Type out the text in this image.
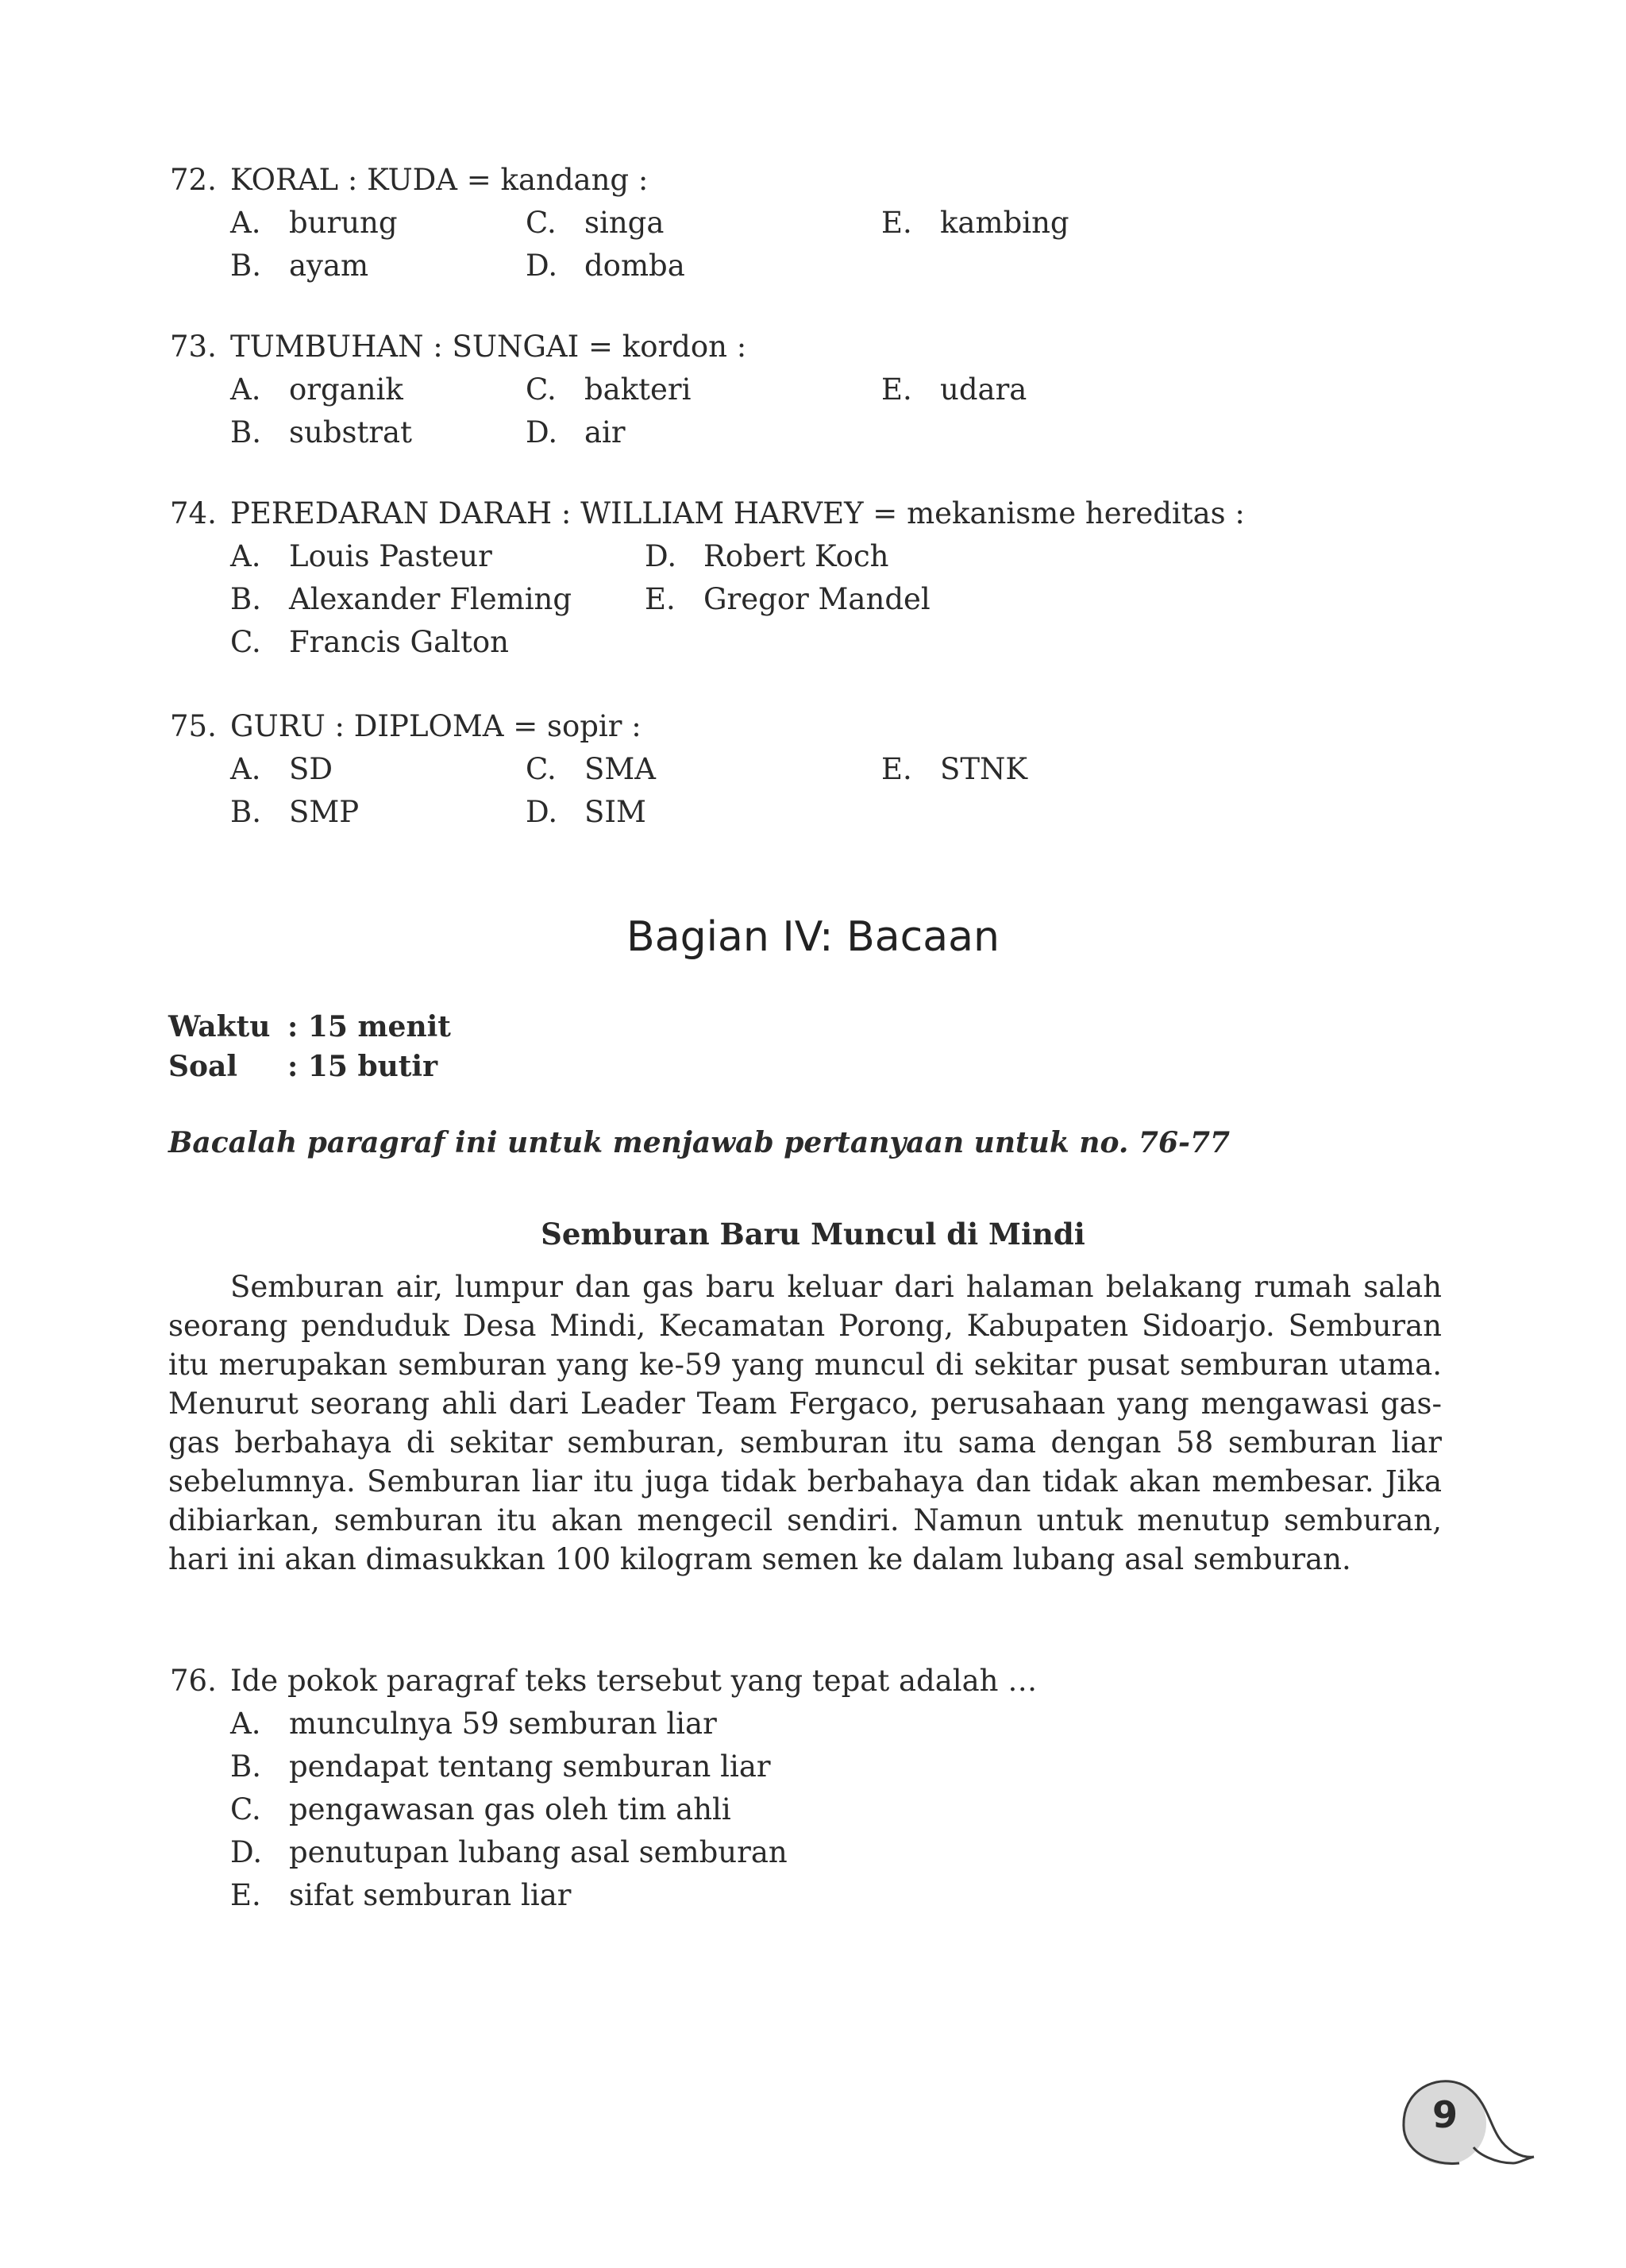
72. KORAL : KUDA = kandang :
A. burung
B. ayam
C. singa
D. domba
E. kambing
73. TUMBUHAN : SUNGAI = kordon :
A. organik
B. substrat
C. bakteri
D. air
E. udara
74. PEREDARAN DARAH : WILLIAM HARVEY = mekanisme hereditas :
A. Louis Pasteur
B. Alexander Fleming
C. Francis Galton
D. Robert Koch
E. Gregor Mandel
75. GURU : DIPLOMA = sopir :
A. SD
B. SMP
C. SMA
D. SIM
E. STNK
Bagian IV: Bacaan
Waktu : 15 menit
Soal : 15 butir
Bacalah paragraf ini untuk menjawab pertanyaan untuk no. 76-77
Semburan Baru Muncul di Mindi

Semburan air, lumpur dan gas baru keluar dari halaman belakang rumah salah seorang penduduk Desa Mindi, Kecamatan Porong, Kabupaten Sidoarjo. Semburan itu merupakan semburan yang ke-59 yang muncul di sekitar pusat semburan utama. Menurut seorang ahli dari Leader Team Fergaco, perusahaan yang mengawasi gas-gas berbahaya di sekitar semburan, semburan itu sama dengan 58 semburan liar sebelumnya. Semburan liar itu juga tidak berbahaya dan tidak akan membesar. Jika dibiarkan, semburan itu akan mengecil sendiri. Namun untuk menutup semburan, hari ini akan dimasukkan 100 kilogram semen ke dalam lubang asal semburan.

76. Ide pokok paragraf teks tersebut yang tepat adalah …
A. munculnya 59 semburan liar
B. pendapat tentang semburan liar
C. pengawasan gas oleh tim ahli
D. penutupan lubang asal semburan
E. sifat semburan liar
9
